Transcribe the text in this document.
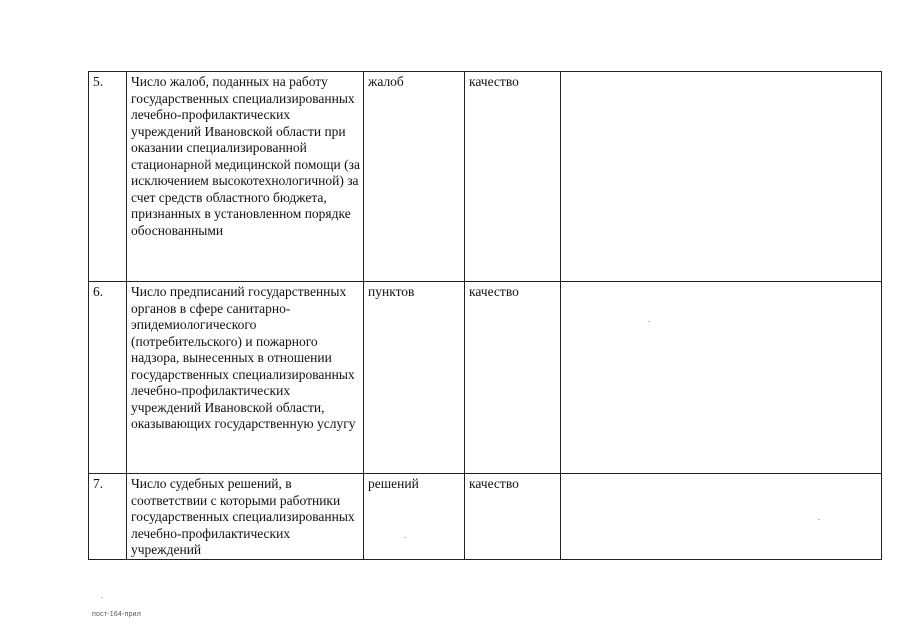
5.	Число жалоб, поданных на работу государственных специализированных лечебно-профилактических учреждений Ивановской области при оказании специализированной стационарной медицинской помощи (за исключением высокотехнологичной) за счет средств областного бюджета, признанных в установленном порядке обоснованными	жалоб	качество	
6.	Число предписаний государственных органов в сфере санитарно-эпидемиологического (потребительского) и пожарного надзора, вынесенных в отношении государственных специализированных лечебно-профилактических учреждений Ивановской области, оказывающих государственную услугу	пунктов	качество	
7.	Число судебных решений, в соответствии с которыми работники государственных специализированных лечебно-профилактических учреждений	решений	качество	
пост-164-прил
